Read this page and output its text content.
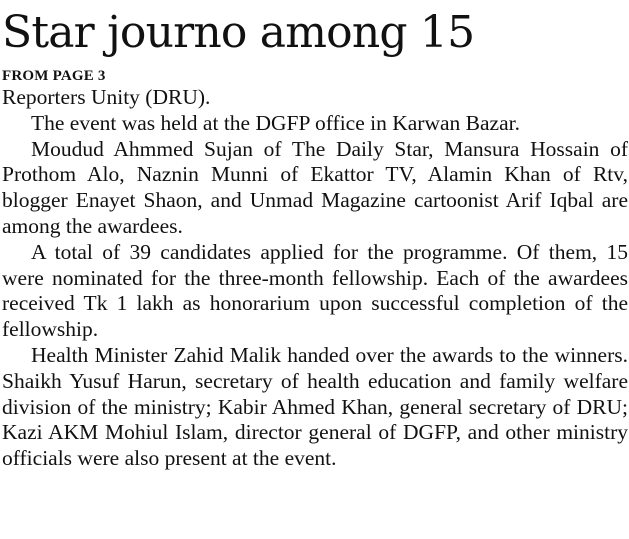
Star journo among 15
FROM PAGE 3

Reporters Unity (DRU).

The event was held at the DGFP office in Karwan Bazar.

Moudud Ahmmed Sujan of The Daily Star, Mansura Hossain of Prothom Alo, Naznin Munni of Ekattor TV, Alamin Khan of Rtv, blogger Enayet Shaon, and Unmad Magazine cartoonist Arif Iqbal are among the awardees.

A total of 39 candidates applied for the programme. Of them, 15 were nominated for the three-month fellowship. Each of the awardees received Tk 1 lakh as honorarium upon successful completion of the fellowship.

Health Minister Zahid Malik handed over the awards to the winners. Shaikh Yusuf Harun, secretary of health education and family welfare division of the ministry; Kabir Ahmed Khan, general secretary of DRU; Kazi AKM Mohiul Islam, director general of DGFP, and other ministry officials were also present at the event.
